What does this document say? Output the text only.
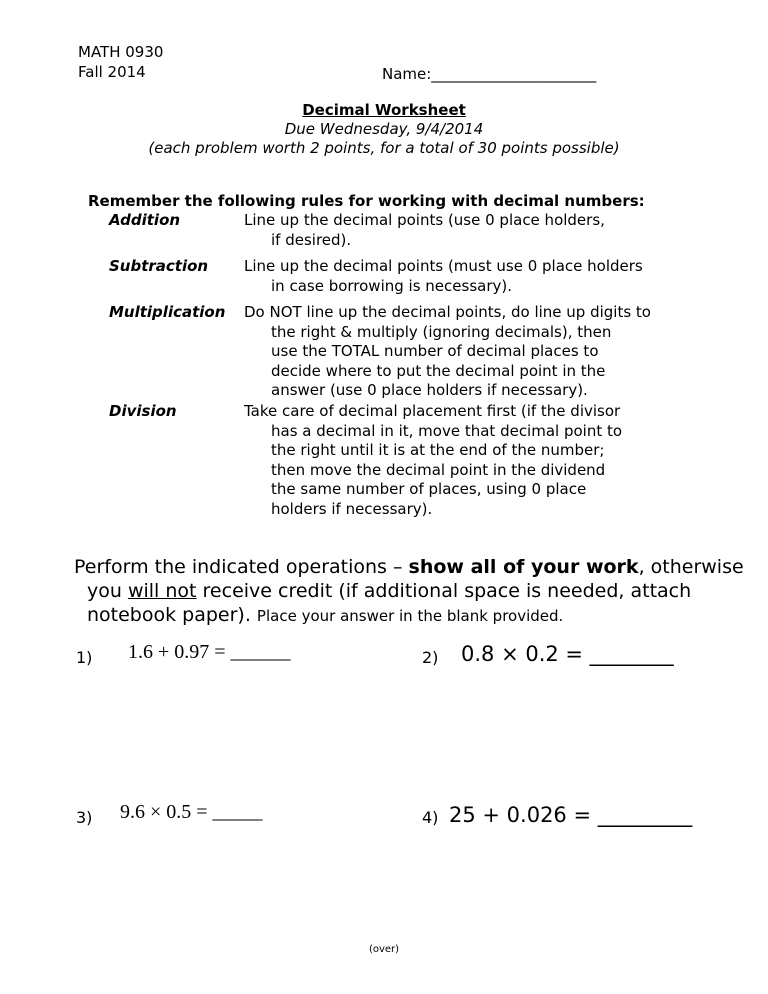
MATH 0930
Fall 2014	Name:______________________
Decimal Worksheet
Due Wednesday, 9/4/2014
(each problem worth 2 points, for a total of 30 points possible)
Remember the following rules for working with decimal numbers:
Addition	Line up the decimal points (use 0 place holders,
if desired).
Subtraction Line up the decimal points (must use 0 place holders
in case borrowing is necessary).
Multiplication Do NOT line up the decimal points, do line up digits to
the right & multiply (ignoring decimals), then
use the TOTAL number of decimal places to
decide where to put the decimal point in the
answer (use 0 place holders if necessary).
Division	Take care of decimal placement first (if the divisor
has a decimal in it, move that decimal point to
the right until it is at the end of the number;
then move the decimal point in the dividend
the same number of places, using 0 place
holders if necessary).
Perform the indicated operations – show all of your work, otherwise
you will not receive credit (if additional space is needed, attach
notebook paper). Place your answer in the blank provided.
1) 1.6 + 0.97 = ______	2) 0.8 × 0.2 = ________
3) 9.6 × 0.5 = _____	4) 25 + 0.026 = _________
(over)
